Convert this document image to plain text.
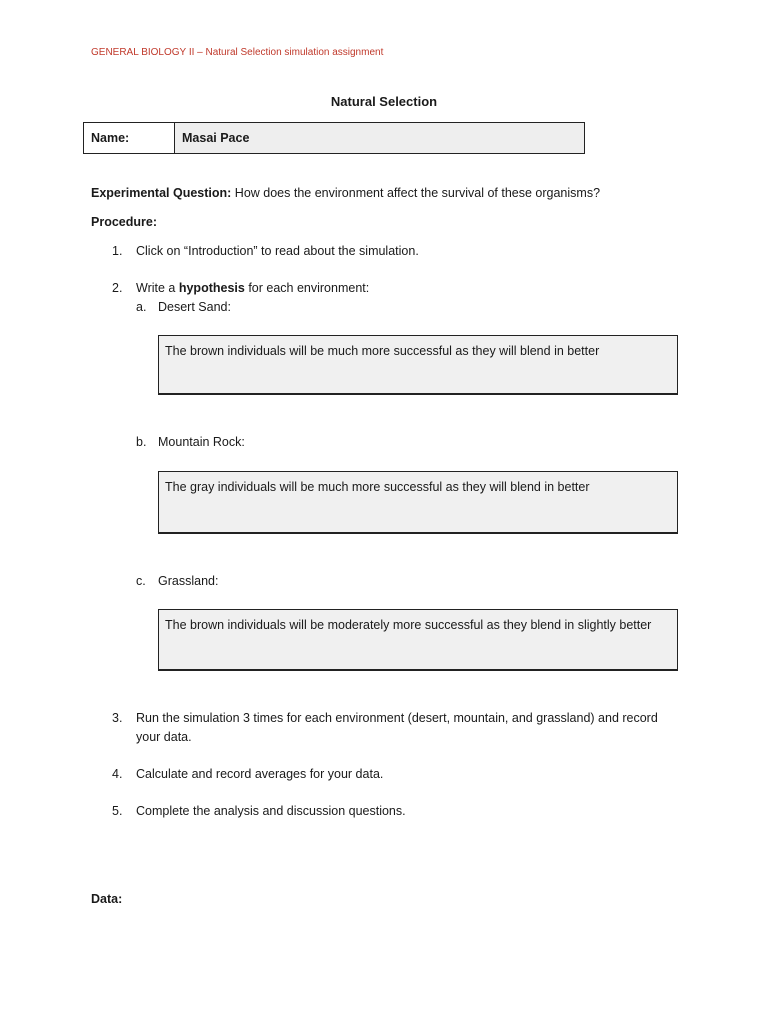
GENERAL BIOLOGY II – Natural Selection simulation assignment
Natural Selection
Name:	Masai Pace
Experimental Question: How does the environment affect the survival of these organisms?
Procedure:
1. Click on “Introduction” to read about the simulation.
2. Write a hypothesis for each environment:
a. Desert Sand:
The brown individuals will be much more successful as they will blend in better
b. Mountain Rock:
The gray individuals will be much more successful as they will blend in better
c. Grassland:
The brown individuals will be moderately more successful as they blend in slightly better
3. Run the simulation 3 times for each environment (desert, mountain, and grassland) and record
your data.
4. Calculate and record averages for your data.
5. Complete the analysis and discussion questions.
Data:
